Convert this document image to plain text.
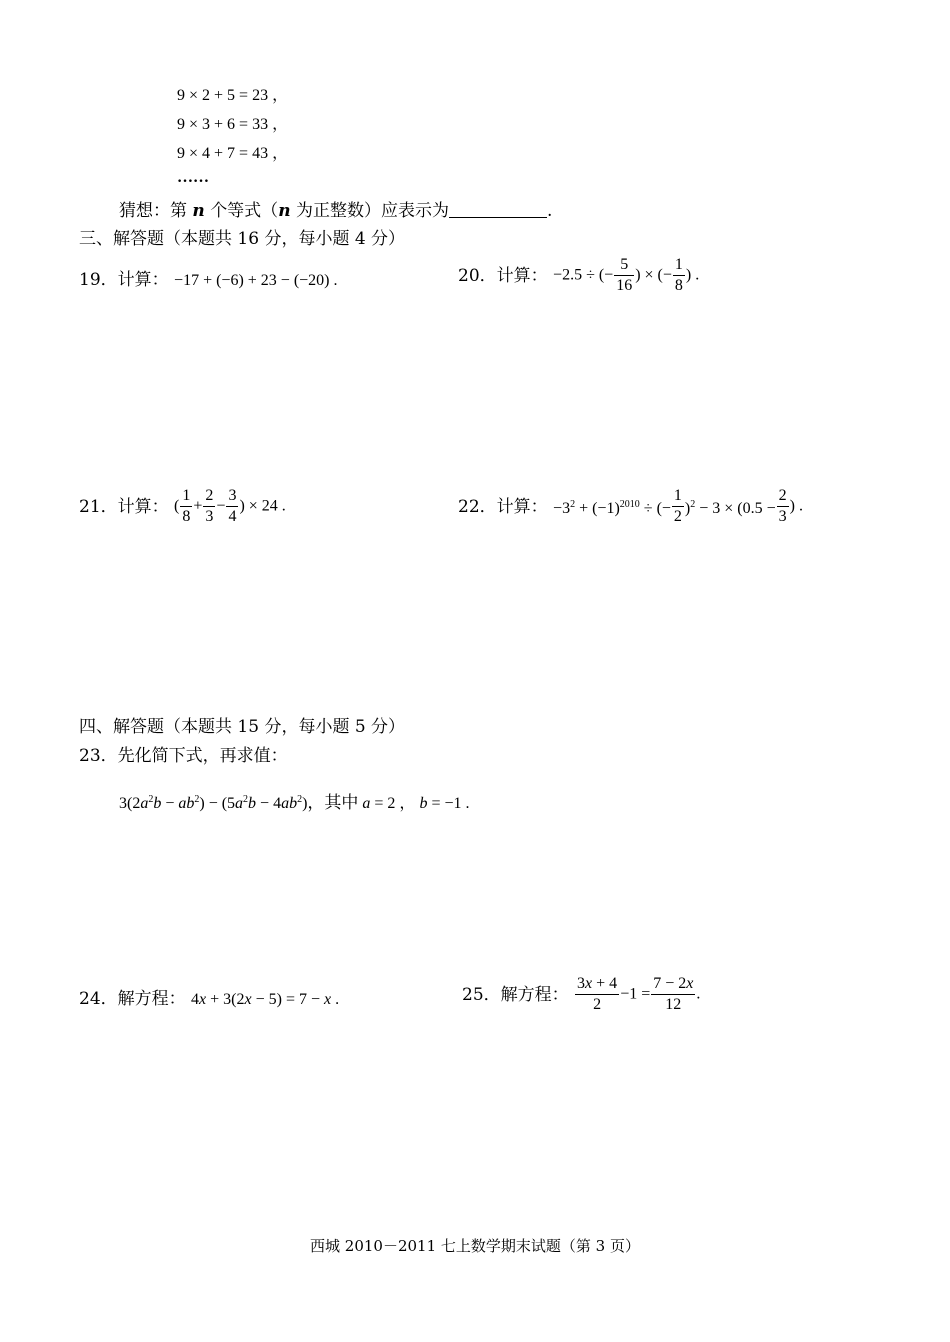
9 × 2 + 5 = 23 ，
9 × 3 + 6 = 33 ，
9 × 4 + 7 = 43 ，
……
猜想：第 n 个等式（n 为正整数）应表示为	.
三、解答题（本题共 16 分，每小题 4 分）
19．计算： −17 + (−6) + 23 − (−20) .	20．计算： −2.5 ÷ (− $\frac{5}{16}$ ) × (− $\frac{1}{8}$ ) .
21．计算： ( $\frac{1}{8} + \frac{2}{3} - \frac{3}{4}$ ) × 24 .	22．计算： $-3^2 + (-1)^{2010}$ ÷ (− $\frac{1}{2} )^2 - 3 \times (0.5 - \frac{2}{3}$ ) .
四、解答题（本题共 15 分，每小题 5 分）
23．先化简下式，再求值：
$3(2a^2b - ab^2) - (5a^2b - 4ab^2)$，其中 a = 2 ， b = −1 .
24．解方程： 4x + 3(2x − 5) = 7 − x .	25．解方程： $\frac{3x + 4}{2} -1 = \frac{7 - 2x}{12}$ .
西城 2010－2011 七上数学期末试题（第 3 页）
